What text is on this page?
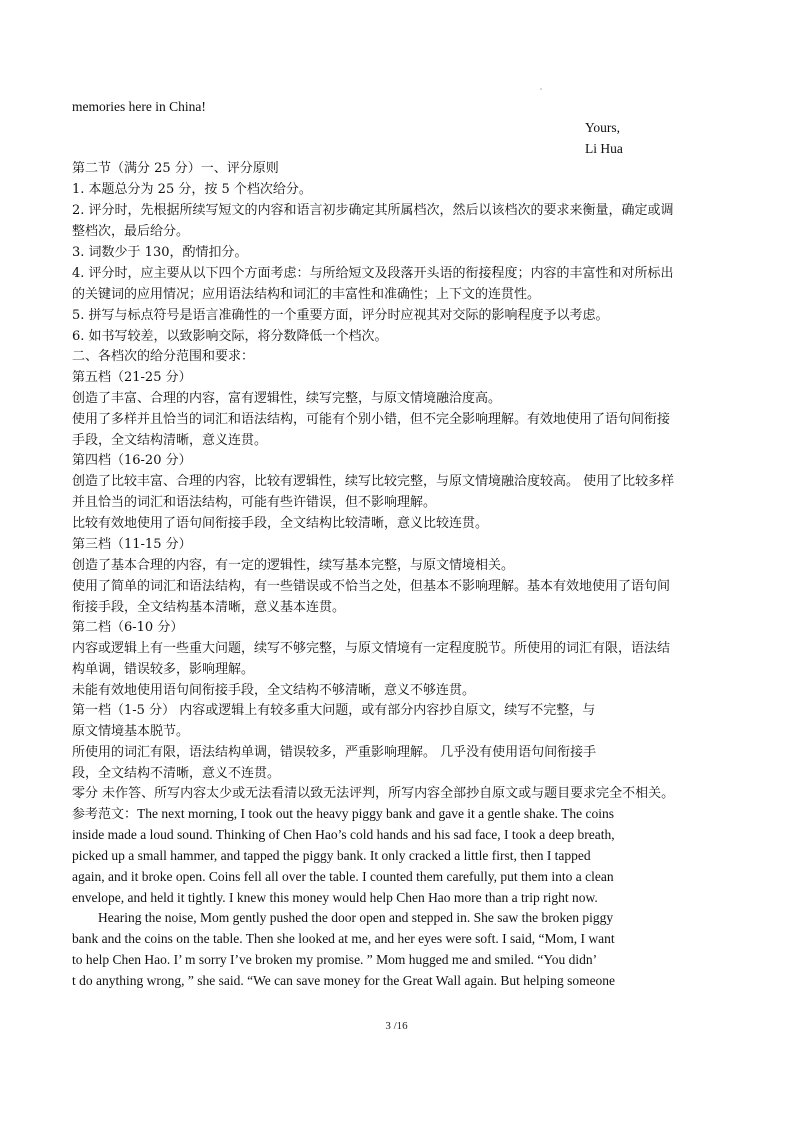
memories here in China!
Yours,
Li Hua
第二节（满分 25 分）一、评分原则
1. 本题总分为 25 分，按 5 个档次给分。
2. 评分时，先根据所续写短文的内容和语言初步确定其所属档次，然后以该档次的要求来衡量，确定或调
整档次，最后给分。
3. 词数少于 130，酌情扣分。
4. 评分时，应主要从以下四个方面考虑：与所给短文及段落开头语的衔接程度；内容的丰富性和对所标出
的关键词的应用情况；应用语法结构和词汇的丰富性和准确性；上下文的连贯性。
5. 拼写与标点符号是语言准确性的一个重要方面，评分时应视其对交际的影响程度予以考虑。
6. 如书写较差，以致影响交际，将分数降低一个档次。
二、各档次的给分范围和要求：
第五档（21-25 分）
创造了丰富、合理的内容，富有逻辑性，续写完整，与原文情境融洽度高。
使用了多样并且恰当的词汇和语法结构，可能有个别小错，但不完全影响理解。有效地使用了语句间衔接
手段，全文结构清晰，意义连贯。
第四档（16-20 分）
创造了比较丰富、合理的内容，比较有逻辑性，续写比较完整，与原文情境融洽度较高。 使用了比较多样
并且恰当的词汇和语法结构，可能有些许错误，但不影响理解。
比较有效地使用了语句间衔接手段，全文结构比较清晰，意义比较连贯。
第三档（11-15 分）
创造了基本合理的内容，有一定的逻辑性，续写基本完整，与原文情境相关。
使用了简单的词汇和语法结构，有一些错误或不恰当之处，但基本不影响理解。基本有效地使用了语句间
衔接手段，全文结构基本清晰，意义基本连贯。
第二档（6-10 分）
内容或逻辑上有一些重大问题，续写不够完整，与原文情境有一定程度脱节。所使用的词汇有限，语法结
构单调，错误较多，影响理解。
未能有效地使用语句间衔接手段，全文结构不够清晰，意义不够连贯。
第一档（1-5 分） 内容或逻辑上有较多重大问题，或有部分内容抄自原文，续写不完整，与
原文情境基本脱节。
所使用的词汇有限，语法结构单调，错误较多，严重影响理解。 几乎没有使用语句间衔接手
段，全文结构不清晰，意义不连贯。
零分 未作答、所写内容太少或无法看清以致无法评判，所写内容全部抄自原文或与题目要求完全不相关。
参考范文：The next morning, I took out the heavy piggy bank and gave it a gentle shake. The coins
inside made a loud sound. Thinking of Chen Hao’s cold hands and his sad face, I took a deep breath,
picked up a small hammer, and tapped the piggy bank. It only cracked a little first, then I tapped
again, and it broke open. Coins fell all over the table. I counted them carefully, put them into a clean
envelope, and held it tightly. I knew this money would help Chen Hao more than a trip right now.
Hearing the noise, Mom gently pushed the door open and stepped in. She saw the broken piggy
bank and the coins on the table. Then she looked at me, and her eyes were soft. I said, “Mom, I want
to help Chen Hao. I’ m sorry I’ve broken my promise. ” Mom hugged me and smiled. “You didn’
t do anything wrong, ” she said. “We can save money for the Great Wall again. But helping someone
3 /16
